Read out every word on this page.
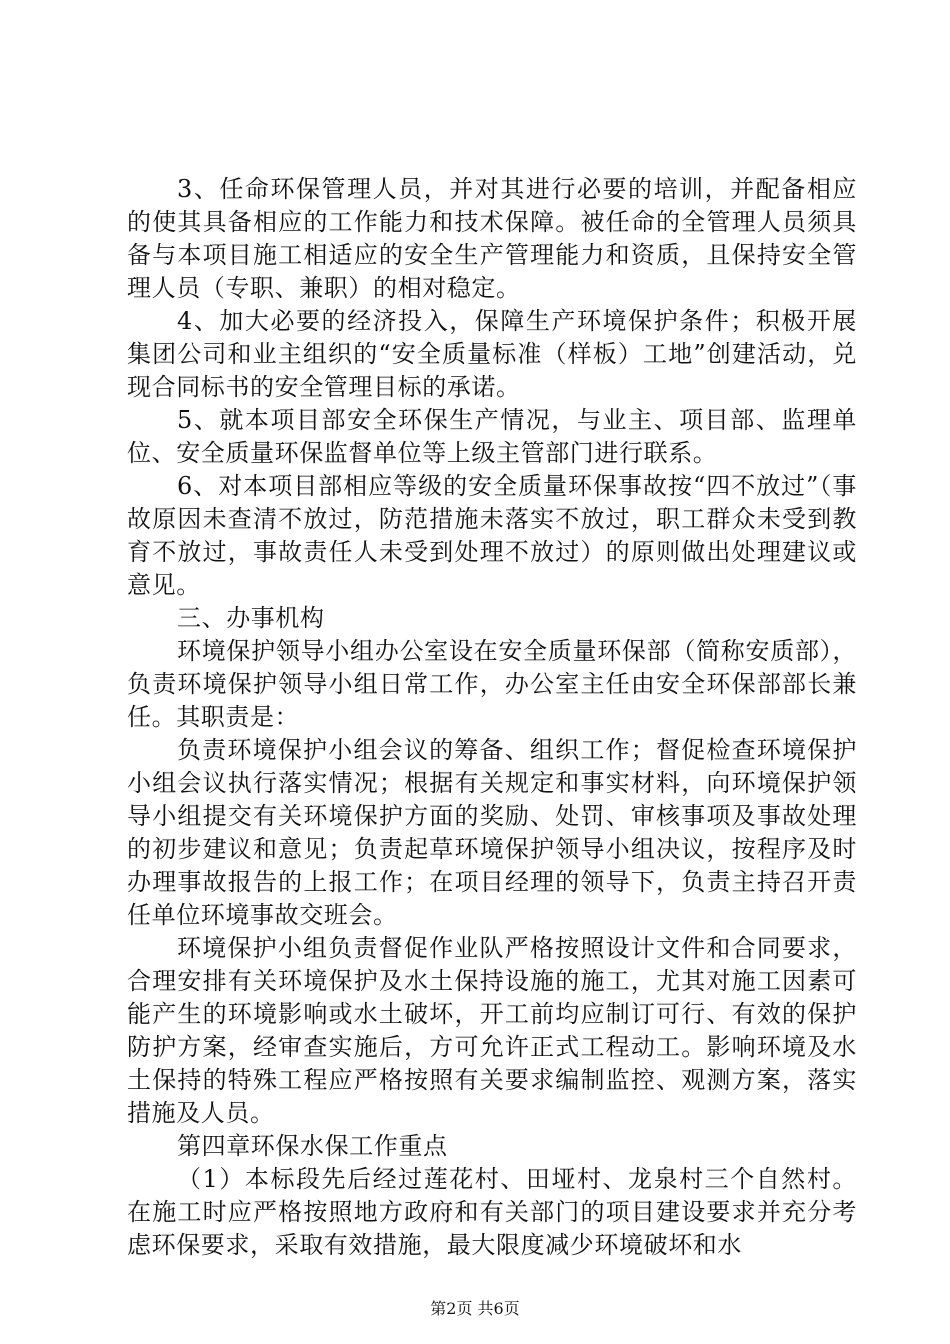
3、任命环保管理人员，并对其进行必要的培训，并配备相应的使其具备相应的工作能力和技术保障。被任命的全管理人员须具备与本项目施工相适应的安全生产管理能力和资质，且保持安全管理人员（专职、兼职）的相对稳定。

4、加大必要的经济投入，保障生产环境保护条件；积极开展集团公司和业主组织的“安全质量标准（样板）工地”创建活动，兑现合同标书的安全管理目标的承诺。

5、就本项目部安全环保生产情况，与业主、项目部、监理单位、安全质量环保监督单位等上级主管部门进行联系。

6、对本项目部相应等级的安全质量环保事故按“四不放过”（事故原因未查清不放过，防范措施未落实不放过，职工群众未受到教育不放过，事故责任人未受到处理不放过）的原则做出处理建议或意见。

三、办事机构

环境保护领导小组办公室设在安全质量环保部（简称安质部），负责环境保护领导小组日常工作，办公室主任由安全环保部部长兼任。其职责是：

负责环境保护小组会议的筹备、组织工作；督促检查环境保护小组会议执行落实情况；根据有关规定和事实材料，向环境保护领导小组提交有关环境保护方面的奖励、处罚、审核事项及事故处理的初步建议和意见；负责起草环境保护领导小组决议，按程序及时办理事故报告的上报工作；在项目经理的领导下，负责主持召开责任单位环境事故交班会。

环境保护小组负责督促作业队严格按照设计文件和合同要求，合理安排有关环境保护及水土保持设施的施工，尤其对施工因素可能产生的环境影响或水土破坏，开工前均应制订可行、有效的保护防护方案，经审查实施后，方可允许正式工程动工。影响环境及水土保持的特殊工程应严格按照有关要求编制监控、观测方案，落实措施及人员。

第四章环保水保工作重点

（1）本标段先后经过莲花村、田垭村、龙泉村三个自然村。在施工时应严格按照地方政府和有关部门的项目建设要求并充分考虑环保要求，采取有效措施，最大限度减少环境破坏和水

第2页 共6页
